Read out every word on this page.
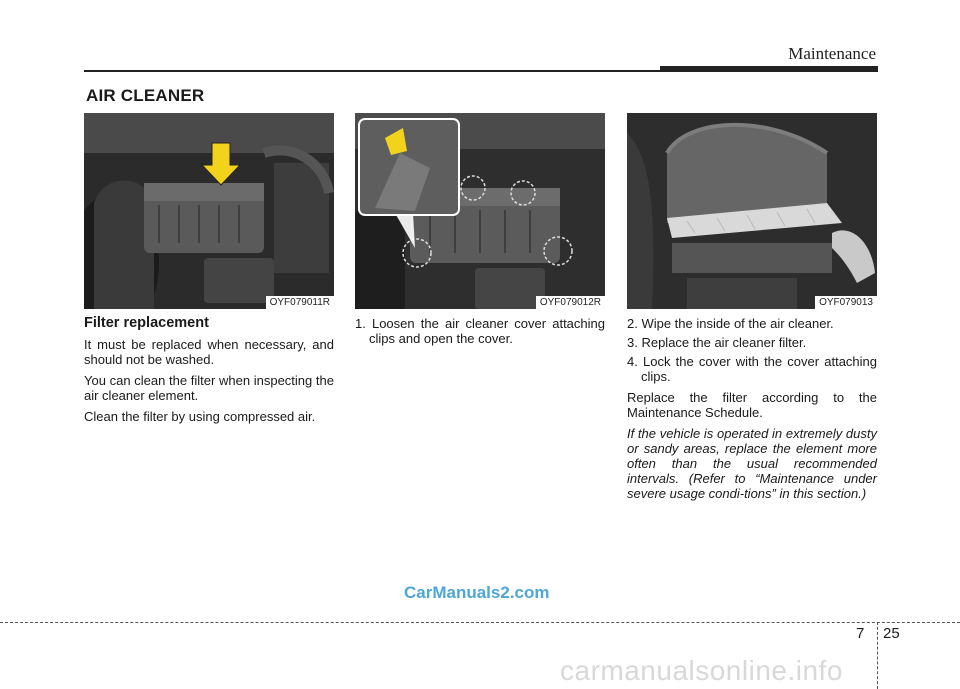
Maintenance
AIR CLEANER
OYF079011R	OYF079012R	OYF079013
Filter replacement

It must be replaced when necessary, and should not be washed.

You can clean the filter when inspecting the air cleaner element.

Clean the filter by using compressed air.

1. Loosen the air cleaner cover attaching clips and open the cover.

2. Wipe the inside of the air cleaner.

3. Replace the air cleaner filter.

4. Lock the cover with the cover attaching clips.

Replace the filter according to the Maintenance Schedule.

If the vehicle is operated in extremely dusty or sandy areas, replace the element more often than the usual recommended intervals. (Refer to “Maintenance under severe usage condi-tions” in this section.)

CarManuals2.com
7 25
carmanualsonline.info
